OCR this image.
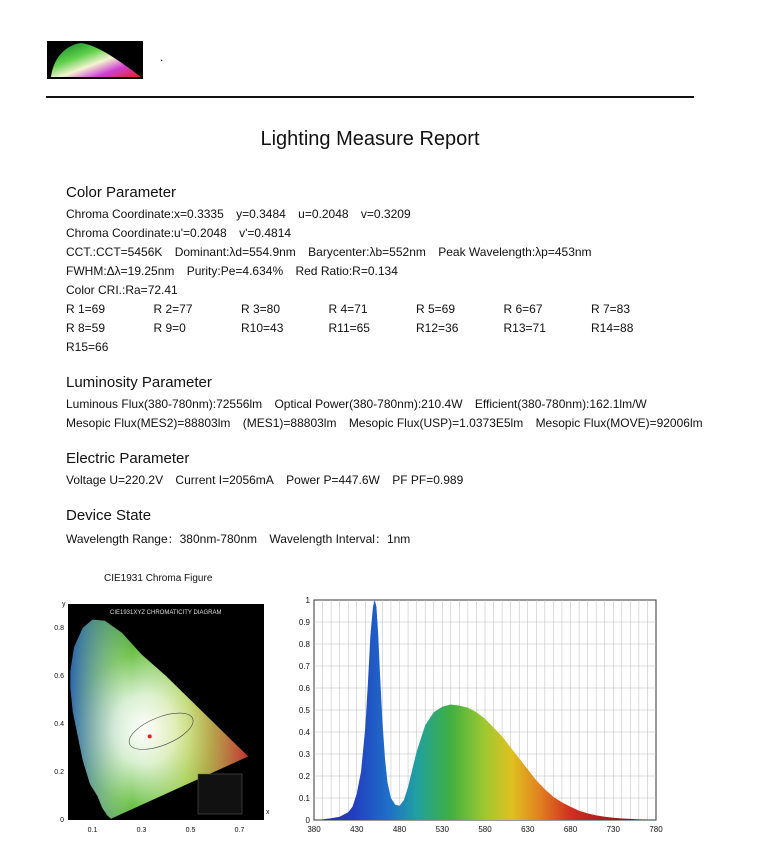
.
Lighting Measure Report
Color Parameter
Chroma Coordinate:x=0.3335 y=0.3484 u=0.2048 v=0.3209
Chroma Coordinate:u'=0.2048 v'=0.4814
CCT.:CCT=5456K Dominant:λd=554.9nm Barycenter:λb=552nm Peak Wavelength:λp=453nm
FWHM:Δλ=19.25nm Purity:Pe=4.634% Red Ratio:R=0.134
Color CRI.:Ra=72.41
R 1=69	R 2=77	R 3=80	R 4=71	R 5=69	R 6=67	R 7=83
R 8=59	R 9=0	R10=43	R11=65	R12=36	R13=71	R14=88
R15=66
Luminosity Parameter
Luminous Flux(380-780nm):72556lm Optical Power(380-780nm):210.4W Efficient(380-780nm):162.1lm/W
Mesopic Flux(MES2)=88803lm (MES1)=88803lm Mesopic Flux(USP)=1.0373E5lm Mesopic Flux(MOVE)=92006lm
Electric Parameter
Voltage U=220.2V Current I=2056mA Power P=447.6W PF PF=0.989
Device State
Wavelength Range：380nm-780nm Wavelength Interval：1nm
CIE1931 Chroma Figure
CIE1931XYZ CHROMATICITY DIAGRAM
y
x
0.1	0.3	0.5	0.7
0.8
0.6
0.4
0.2
0
380	430	480	530	580	630	680	730	780
0
0.1
0.2
0.3
0.4
0.5
0.6
0.7
0.8
0.9
1
